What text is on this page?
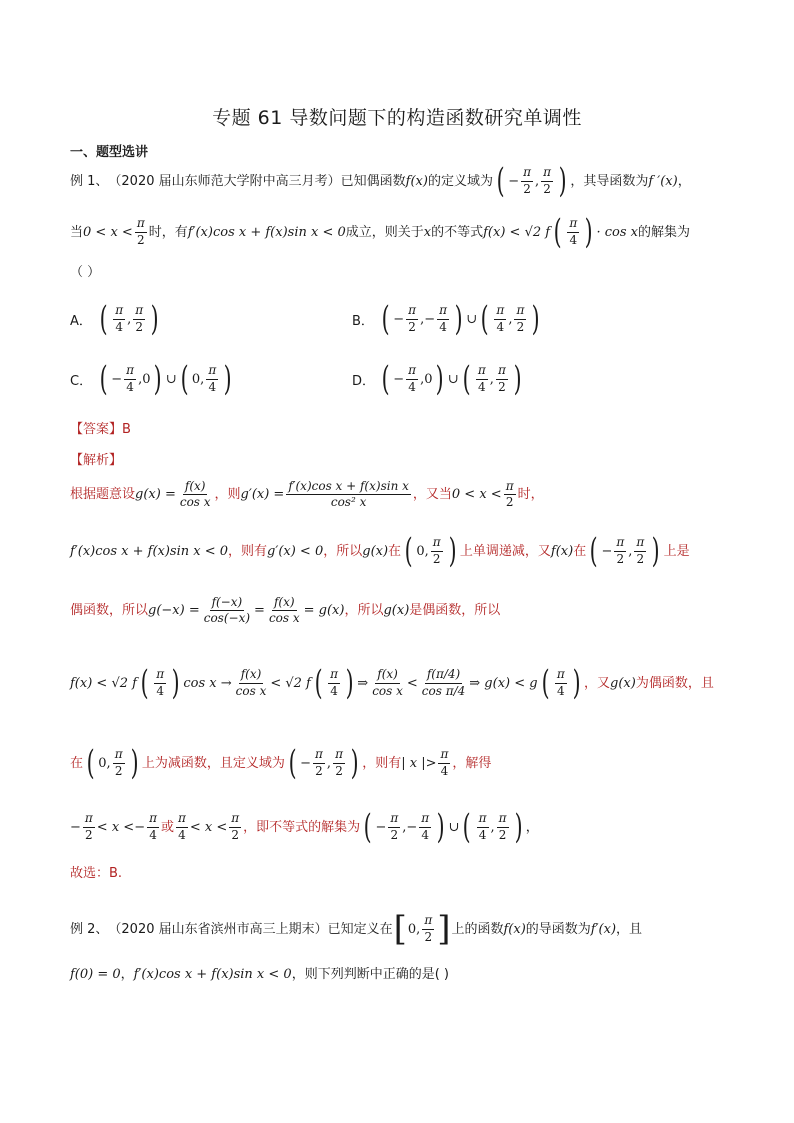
专题 61 导数问题下的构造函数研究单调性
一、题型选讲
例 1、 （2020 届山东师范大学附中高三月考） 已知偶函数 f(x) 的定义域为 ( − $\frac{\pi}{2}$ , $\frac{\pi}{2}$ ) ，其导函数为 f ′(x) ，
当 $0 < x < \frac{\pi}{2}$ 时，有 f′(x)cos x + f(x)sin x < 0 成立，则关于 x 的不等式 f(x) < √2 f ( $\frac{\pi}{4}$ ) · cos x 的解集为
（ ）
A． ( $\frac{\pi}{4}$ , $\frac{\pi}{2}$ )	B． ( − $\frac{\pi}{2}$ ,− $\frac{\pi}{4}$ ) ∪ ( $\frac{\pi}{4}$ , $\frac{\pi}{2}$ )
C． ( − $\frac{\pi}{4} ,0$ ) ∪ ( 0, $\frac{\pi}{4}$ )	D． ( − $\frac{\pi}{4} ,0$ ) ∪ ( $\frac{\pi}{4}$ , $\frac{\pi}{2}$ )
【答案】 B
【解析】
根据题意设 $g(x) = \frac{f(x)}{\text{cos x}}$ ，则 $g'(x) = \frac{\text{f′(x)cos x + f(x)sin x}}{\text{cos² x}}$ ，又当 $0 < x < \frac{\pi}{2}$ 时，
f′(x)cos x + f(x)sin x < 0 ，则有 g′(x) < 0 ，所以 g(x) 在 ( 0, $\frac{\pi}{2}$ ) 上单调递减，又 f(x) 在 ( − $\frac{\pi}{2}$ , $\frac{\pi}{2}$ ) 上是
偶函数，所以 $g(-x) = \frac{f(-x)}{\cos(-x)} = \frac{f(x)}{\text{cos x}} = g(x)$ ，所以 g(x) 是偶函数，所以
f(x) < √2 f ( $\frac{\pi}{4}$ ) $\cos x \to \frac{f(x)}{\text{cos x}} < √2$ f ( $\frac{\pi}{4}$ ) ⇒ $\frac{f(x)}{\text{cos x}} < \frac{f(\pi/4)}{\text{cos π/4}}$ ⇒ g(x) < g ( $\frac{\pi}{4}$ ) ，又 g(x) 为偶函数，且
在 ( 0, $\frac{\pi}{2}$ ) 上为减函数，且定义域为 ( − $\frac{\pi}{2}$ , $\frac{\pi}{2}$ ) ，则有 | x |> $\frac{\pi}{4}$ ，解得
− $\frac{\pi}{2} < x$ < − $\frac{\pi}{4}$ 或 $\frac{\pi}{4} < x < \frac{\pi}{2}$ ，即不等式的解集为 ( − $\frac{\pi}{2}$ ,− $\frac{\pi}{4}$ ) ∪ ( $\frac{\pi}{4}$ , $\frac{\pi}{2}$ ) ，
故选：B.
例 2、 （2020 届山东省滨州市高三上期末） 已知定义在 [ 0, $\frac{\pi}{2}$ ] 上的函数 f(x) 的导函数为 f′(x) ，且
f(0) = 0 ， f′(x)cos x + f(x)sin x < 0 ，则下列判断中正确的是( )
